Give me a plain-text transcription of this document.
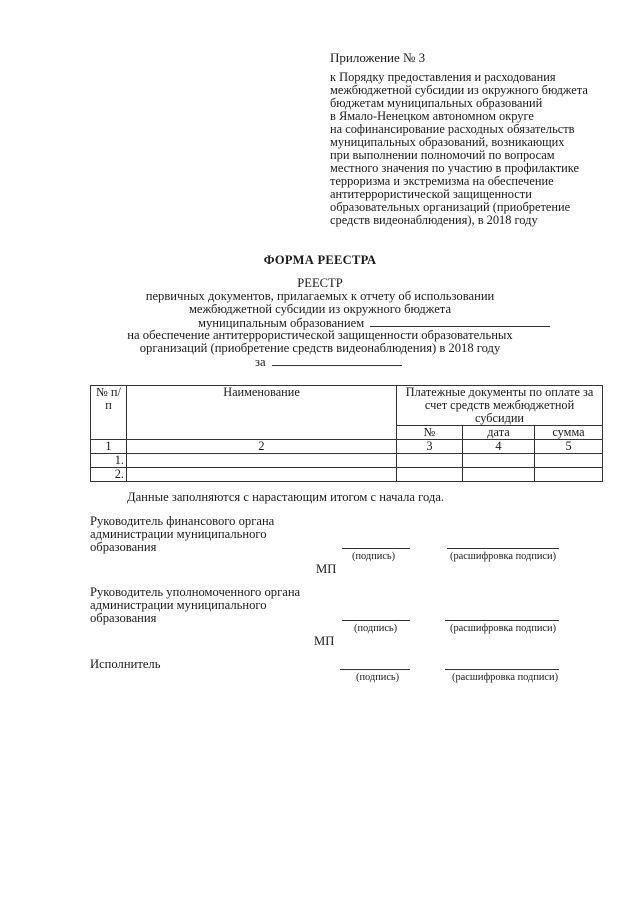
Приложение № 3
к Порядку предоставления и расходования
межбюджетной субсидии из окружного бюджета
бюджетам муниципальных образований
в Ямало-Ненецком автономном округе
на софинансирование расходных обязательств
муниципальных образований, возникающих
при выполнении полномочий по вопросам
местного значения по участию в профилактике
терроризма и экстремизма на обеспечение
антитеррористической защищенности
образовательных организаций (приобретение
средств видеонаблюдения), в 2018 году
ФОРМА РЕЕСТРА
РЕЕСТР
первичных документов, прилагаемых к отчету об использовании
межбюджетной субсидии из окружного бюджета
муниципальным образованием
на обеспечение антитеррористической защищенности образовательных
организаций (приобретение средств видеонаблюдения) в 2018 году
за
№ п/п	Наименование	Платежные документы по оплате за счет средств межбюджетной субсидии		
		№	дата	сумма
1	2	3	4	5
1.				
2.				
Данные заполняются с нарастающим итогом с начала года.
Руководитель финансового органа
администрации муниципального
образования
(подпись)	(расшифровка подписи)
МП
Руководитель уполномоченного органа
администрации муниципального
образования
(подпись)	(расшифровка подписи)
МП
Исполнитель
(подпись)	(расшифровка подписи)
